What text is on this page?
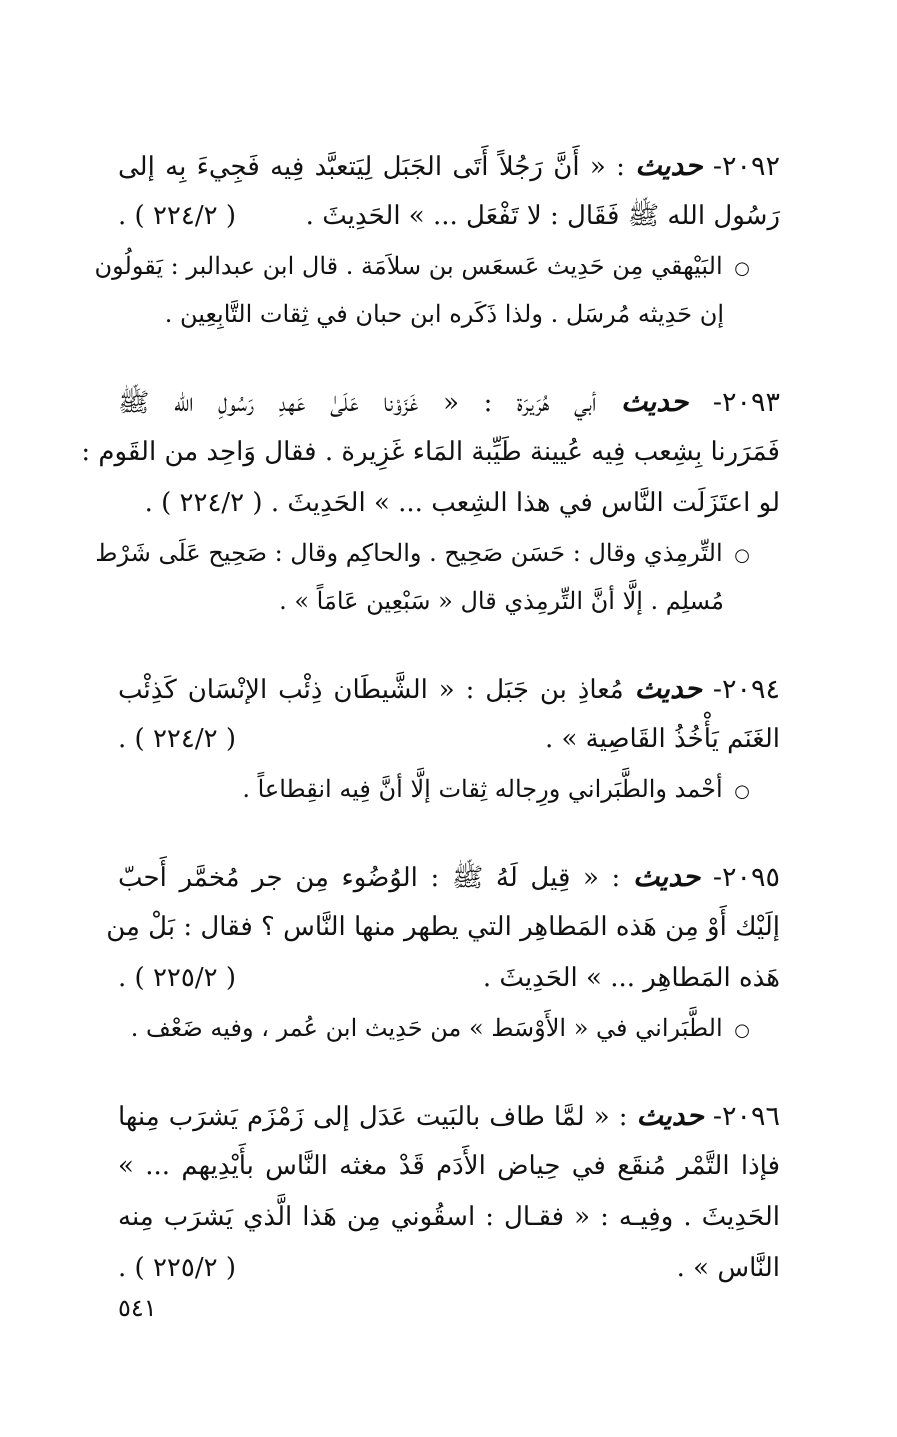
٢٠٩٢- حديث : « أَنَّ رَجُلاً أَتَى الجَبَل لِيَتعبَّد فِيه فَجِيءَ بِه إلى
رَسُول الله ﷺ فَقَال : لا تَفْعَل ... » الحَدِيثَ .
( ٢٢٤/٢ ) .
○ البَيْهقي مِن حَدِيث عَسعَس بن سلاَمَة . قال ابن عبدالبر : يَقولُون
إن حَدِيثه مُرسَل . ولذا ذَكَره ابن حبان في ثِقات التَّابِعِين .
٢٠٩٣- حديث أبي هُرَيرَة : « غَزَوْنا عَلَىٰ عَهدِ رَسُولِ الله ﷺ
فَمَرَرنا بِشِعب فِيه عُيينة طَيِّبة المَاء غَزِيرة . فقال وَاحِد من القَوم :
لو اعتَزَلَت النَّاس في هذا الشِعب ... » الحَدِيثَ . ( ٢٢٤/٢ ) .
○ التِّرمِذي وقال : حَسَن صَحِيح . والحاكِم وقال : صَحِيح عَلَى شَرْط
مُسلِم . إلَّا أنَّ التِّرمِذي قال « سَبْعِين عَامَاً » .
٢٠٩٤- حديث مُعاذِ بن جَبَل : « الشَّيطَان ذِئْب الإنْسَان كَذِئْب
الغَنَم يَأْخُذُ القَاصِية » .
( ٢٢٤/٢ ) .
○ أحْمد والطَّبَراني ورِجاله ثِقات إلَّا أنَّ فِيه انقِطاعاً .
٢٠٩٥- حديث : « قِيل لَهُ ﷺ : الوُضُوء مِن جر مُخمَّر أَحبّ
إلَيْك أَوْ مِن هَذه المَطاهِر التي يطهر منها النَّاس ؟ فقال : بَلْ مِن
هَذه المَطاهِر ... » الحَدِيثَ .
( ٢٢٥/٢ ) .
○ الطَّبَراني في « الأَوْسَط » من حَدِيث ابن عُمر ، وفيه ضَعْف .
٢٠٩٦- حديث : « لمَّا طاف بالبَيت عَدَل إلى زَمْزَم يَشرَب مِنها
فإذا التَّمْر مُنقَع في حِياض الأَدَم قَدْ مغثه النَّاس بأَيْدِيهم ... »
الحَدِيثَ . وفِيـه : « فقـال : اسقُوني مِن هَذا الَّذي يَشرَب مِنه
النَّاس » .
( ٢٢٥/٢ ) .
٥٤١
